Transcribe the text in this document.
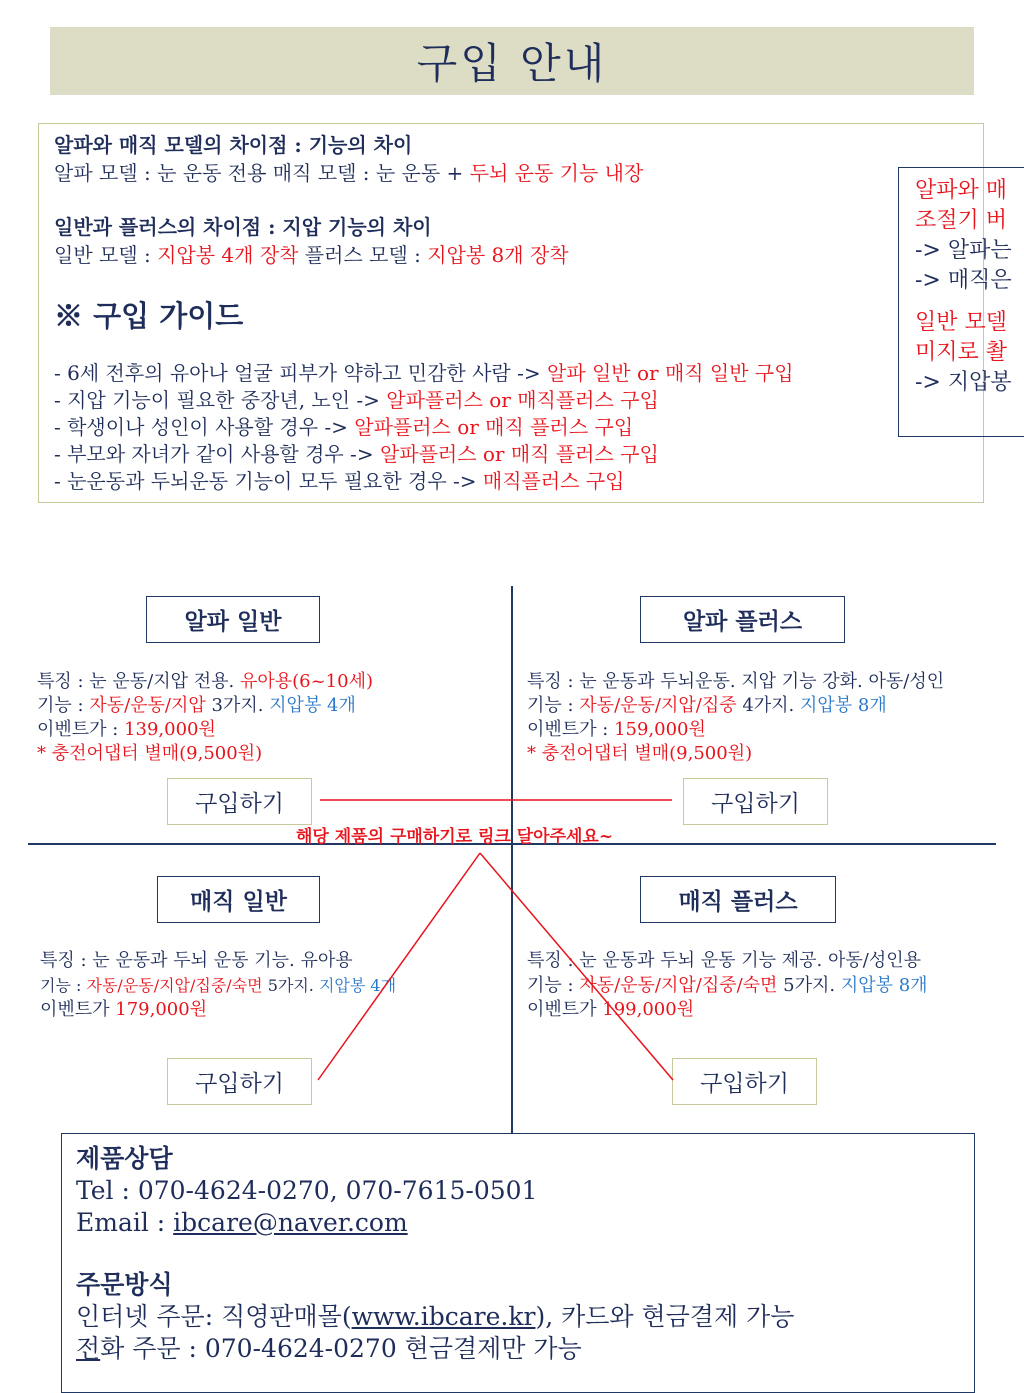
구입 안내
알파와 매직 모델의 차이점 : 기능의 차이
알파 모델 : 눈 운동 전용 매직 모델 : 눈 운동 + 두뇌 운동 기능 내장
일반과 플러스의 차이점 : 지압 기능의 차이
일반 모델 : 지압봉 4개 장착 플러스 모델 : 지압봉 8개 장착
※ 구입 가이드
- 6세 전후의 유아나 얼굴 피부가 약하고 민감한 사람 -> 알파 일반 or 매직 일반 구입
- 지압 기능이 필요한 중장년, 노인 -> 알파플러스 or 매직플러스 구입
- 학생이나 성인이 사용할 경우 -> 알파플러스 or 매직 플러스 구입
- 부모와 자녀가 같이 사용할 경우 -> 알파플러스 or 매직 플러스 구입
- 눈운동과 두뇌운동 기능이 모두 필요한 경우 -> 매직플러스 구입
알파와 매
조절기 버
-> 알파는
-> 매직은
일반 모델
미지로 촬
-> 지압봉
알파 일반
특징 : 눈 운동/지압 전용. 유아용(6~10세)
기능 : 자동/운동/지압 3가지. 지압봉 4개
이벤트가 : 139,000원
* 충전어댑터 별매(9,500원)
구입하기
알파 플러스
특징 : 눈 운동과 두뇌운동. 지압 기능 강화. 아동/성인
기능 : 자동/운동/지압/집중 4가지. 지압봉 8개
이벤트가 : 159,000원
* 충전어댑터 별매(9,500원)
구입하기
매직 일반
특징 : 눈 운동과 두뇌 운동 기능. 유아용
기능 : 자동/운동/지압/집중/숙면 5가지. 지압봉 4개
이벤트가 179,000원
구입하기
매직 플러스
특징 : 눈 운동과 두뇌 운동 기능 제공. 아동/성인용
기능 : 자동/운동/지압/집중/숙면 5가지. 지압봉 8개
이벤트가 199,000원
구입하기
해당 제품의 구매하기로 링크 달아주세요~
제품상담
Tel : 070-4624-0270, 070-7615-0501
Email : ibcare@naver.com
주문방식
인터넷 주문: 직영판매몰(www.ibcare.kr), 카드와 현금결제 가능
전화 주문 : 070-4624-0270 현금결제만 가능
